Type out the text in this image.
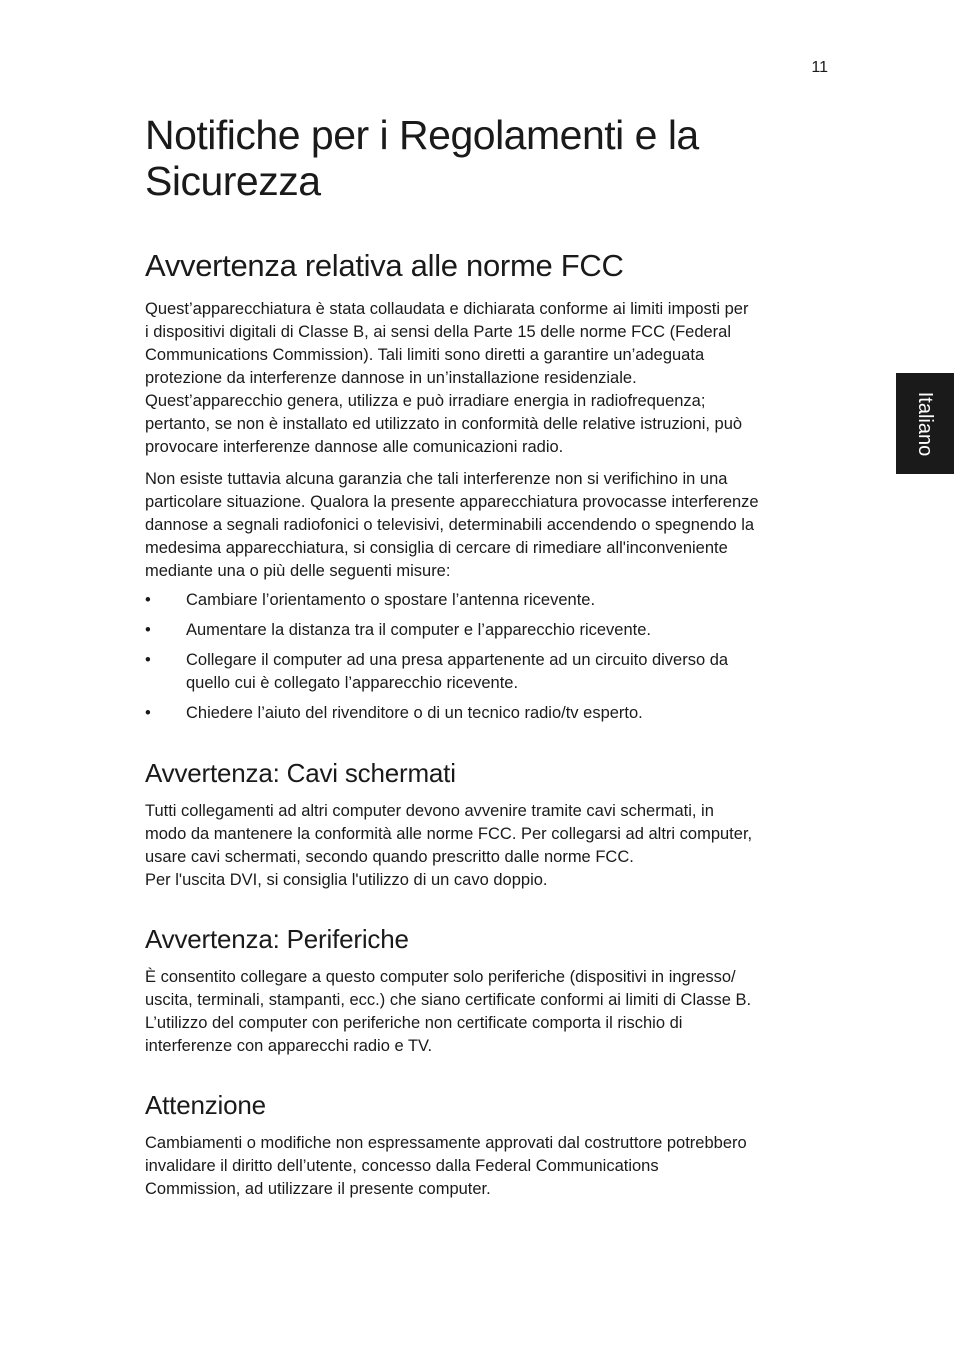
11
Italiano
Notifiche per i Regolamenti e la
Sicurezza
Avvertenza relativa alle norme FCC

Quest’apparecchiatura è stata collaudata e dichiarata conforme ai limiti imposti per
i dispositivi digitali di Classe B, ai sensi della Parte 15 delle norme FCC (Federal
Communications Commission). Tali limiti sono diretti a garantire un’adeguata
protezione da interferenze dannose in un’installazione residenziale.
Quest’apparecchio genera, utilizza e può irradiare energia in radiofrequenza;
pertanto, se non è installato ed utilizzato in conformità delle relative istruzioni, può
provocare interferenze dannose alle comunicazioni radio.

Non esiste tuttavia alcuna garanzia che tali interferenze non si verifichino in una
particolare situazione. Qualora la presente apparecchiatura provocasse interferenze
dannose a segnali radiofonici o televisivi, determinabili accendendo o spegnendo la
medesima apparecchiatura, si consiglia di cercare di rimediare all'inconveniente
mediante una o più delle seguenti misure:

• Cambiare l’orientamento o spostare l’antenna ricevente.
• Aumentare la distanza tra il computer e l’apparecchio ricevente.
• Collegare il computer ad una presa appartenente ad un circuito diverso da
quello cui è collegato l’apparecchio ricevente.
• Chiedere l’aiuto del rivenditore o di un tecnico radio/tv esperto.
Avvertenza: Cavi schermati

Tutti collegamenti ad altri computer devono avvenire tramite cavi schermati, in
modo da mantenere la conformità alle norme FCC. Per collegarsi ad altri computer,
usare cavi schermati, secondo quando prescritto dalle norme FCC.
Per l'uscita DVI, si consiglia l'utilizzo di un cavo doppio.

Avvertenza: Periferiche

È consentito collegare a questo computer solo periferiche (dispositivi in ingresso/
uscita, terminali, stampanti, ecc.) che siano certificate conformi ai limiti di Classe B.
L’utilizzo del computer con periferiche non certificate comporta il rischio di
interferenze con apparecchi radio e TV.

Attenzione

Cambiamenti o modifiche non espressamente approvati dal costruttore potrebbero
invalidare il diritto dell’utente, concesso dalla Federal Communications
Commission, ad utilizzare il presente computer.
